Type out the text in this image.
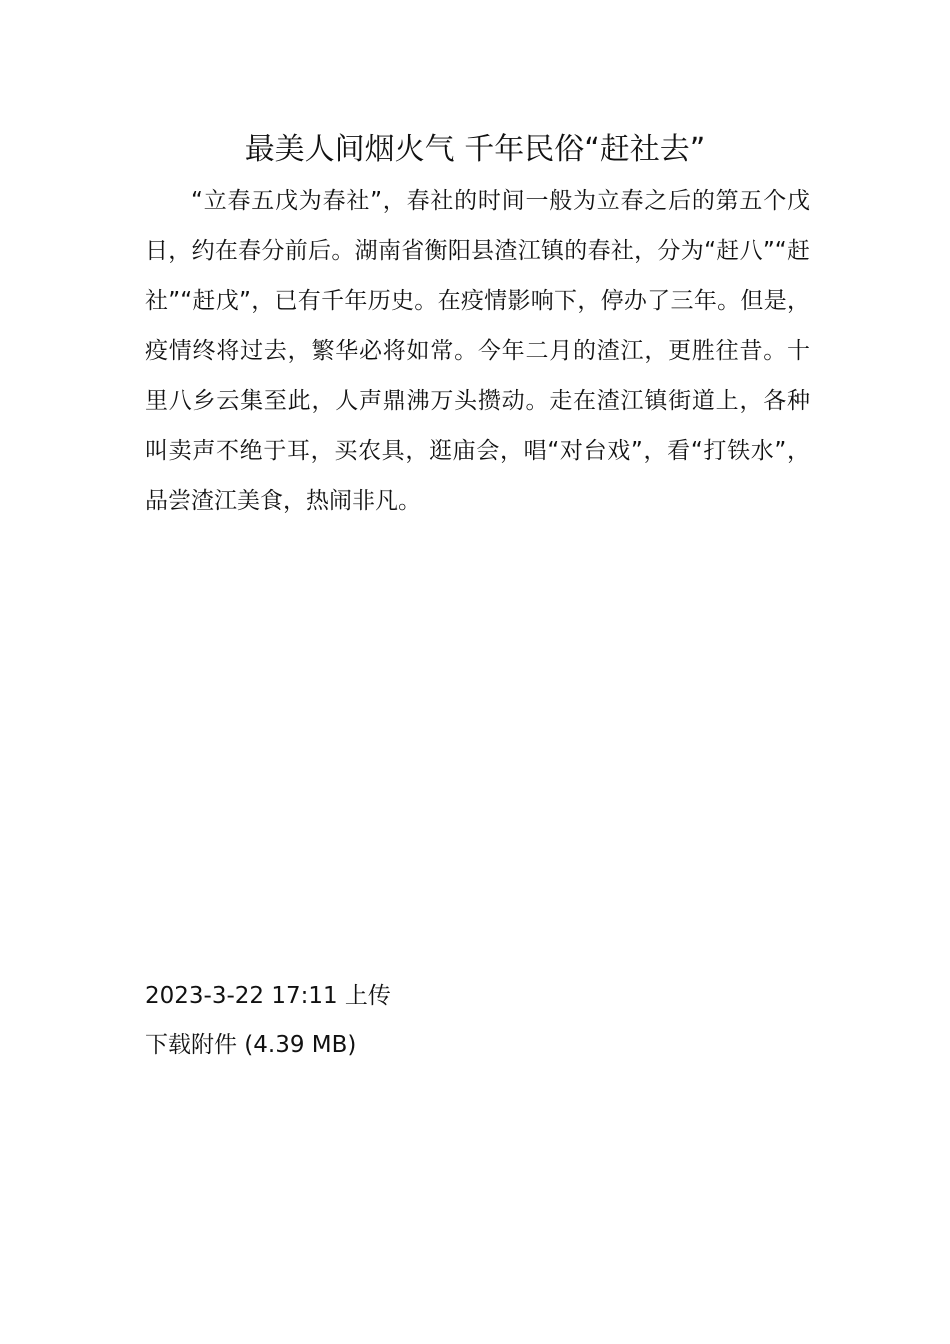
最美人间烟火气 千年民俗“赶社去”

“立春五戊为春社”，春社的时间一般为立春之后的第五个戊日，约在春分前后。湖南省衡阳县渣江镇的春社，分为“赶八”“赶社”“赶戊”，已有千年历史。在疫情影响下，停办了三年。但是，疫情终将过去，繁华必将如常。今年二月的渣江，更胜往昔。十里八乡云集至此，人声鼎沸万头攒动。走在渣江镇街道上，各种叫卖声不绝于耳，买农具，逛庙会，唱“对台戏”，看“打铁水”，品尝渣江美食，热闹非凡。

2023-3-22 17:11 上传

下载附件 (4.39 MB)
